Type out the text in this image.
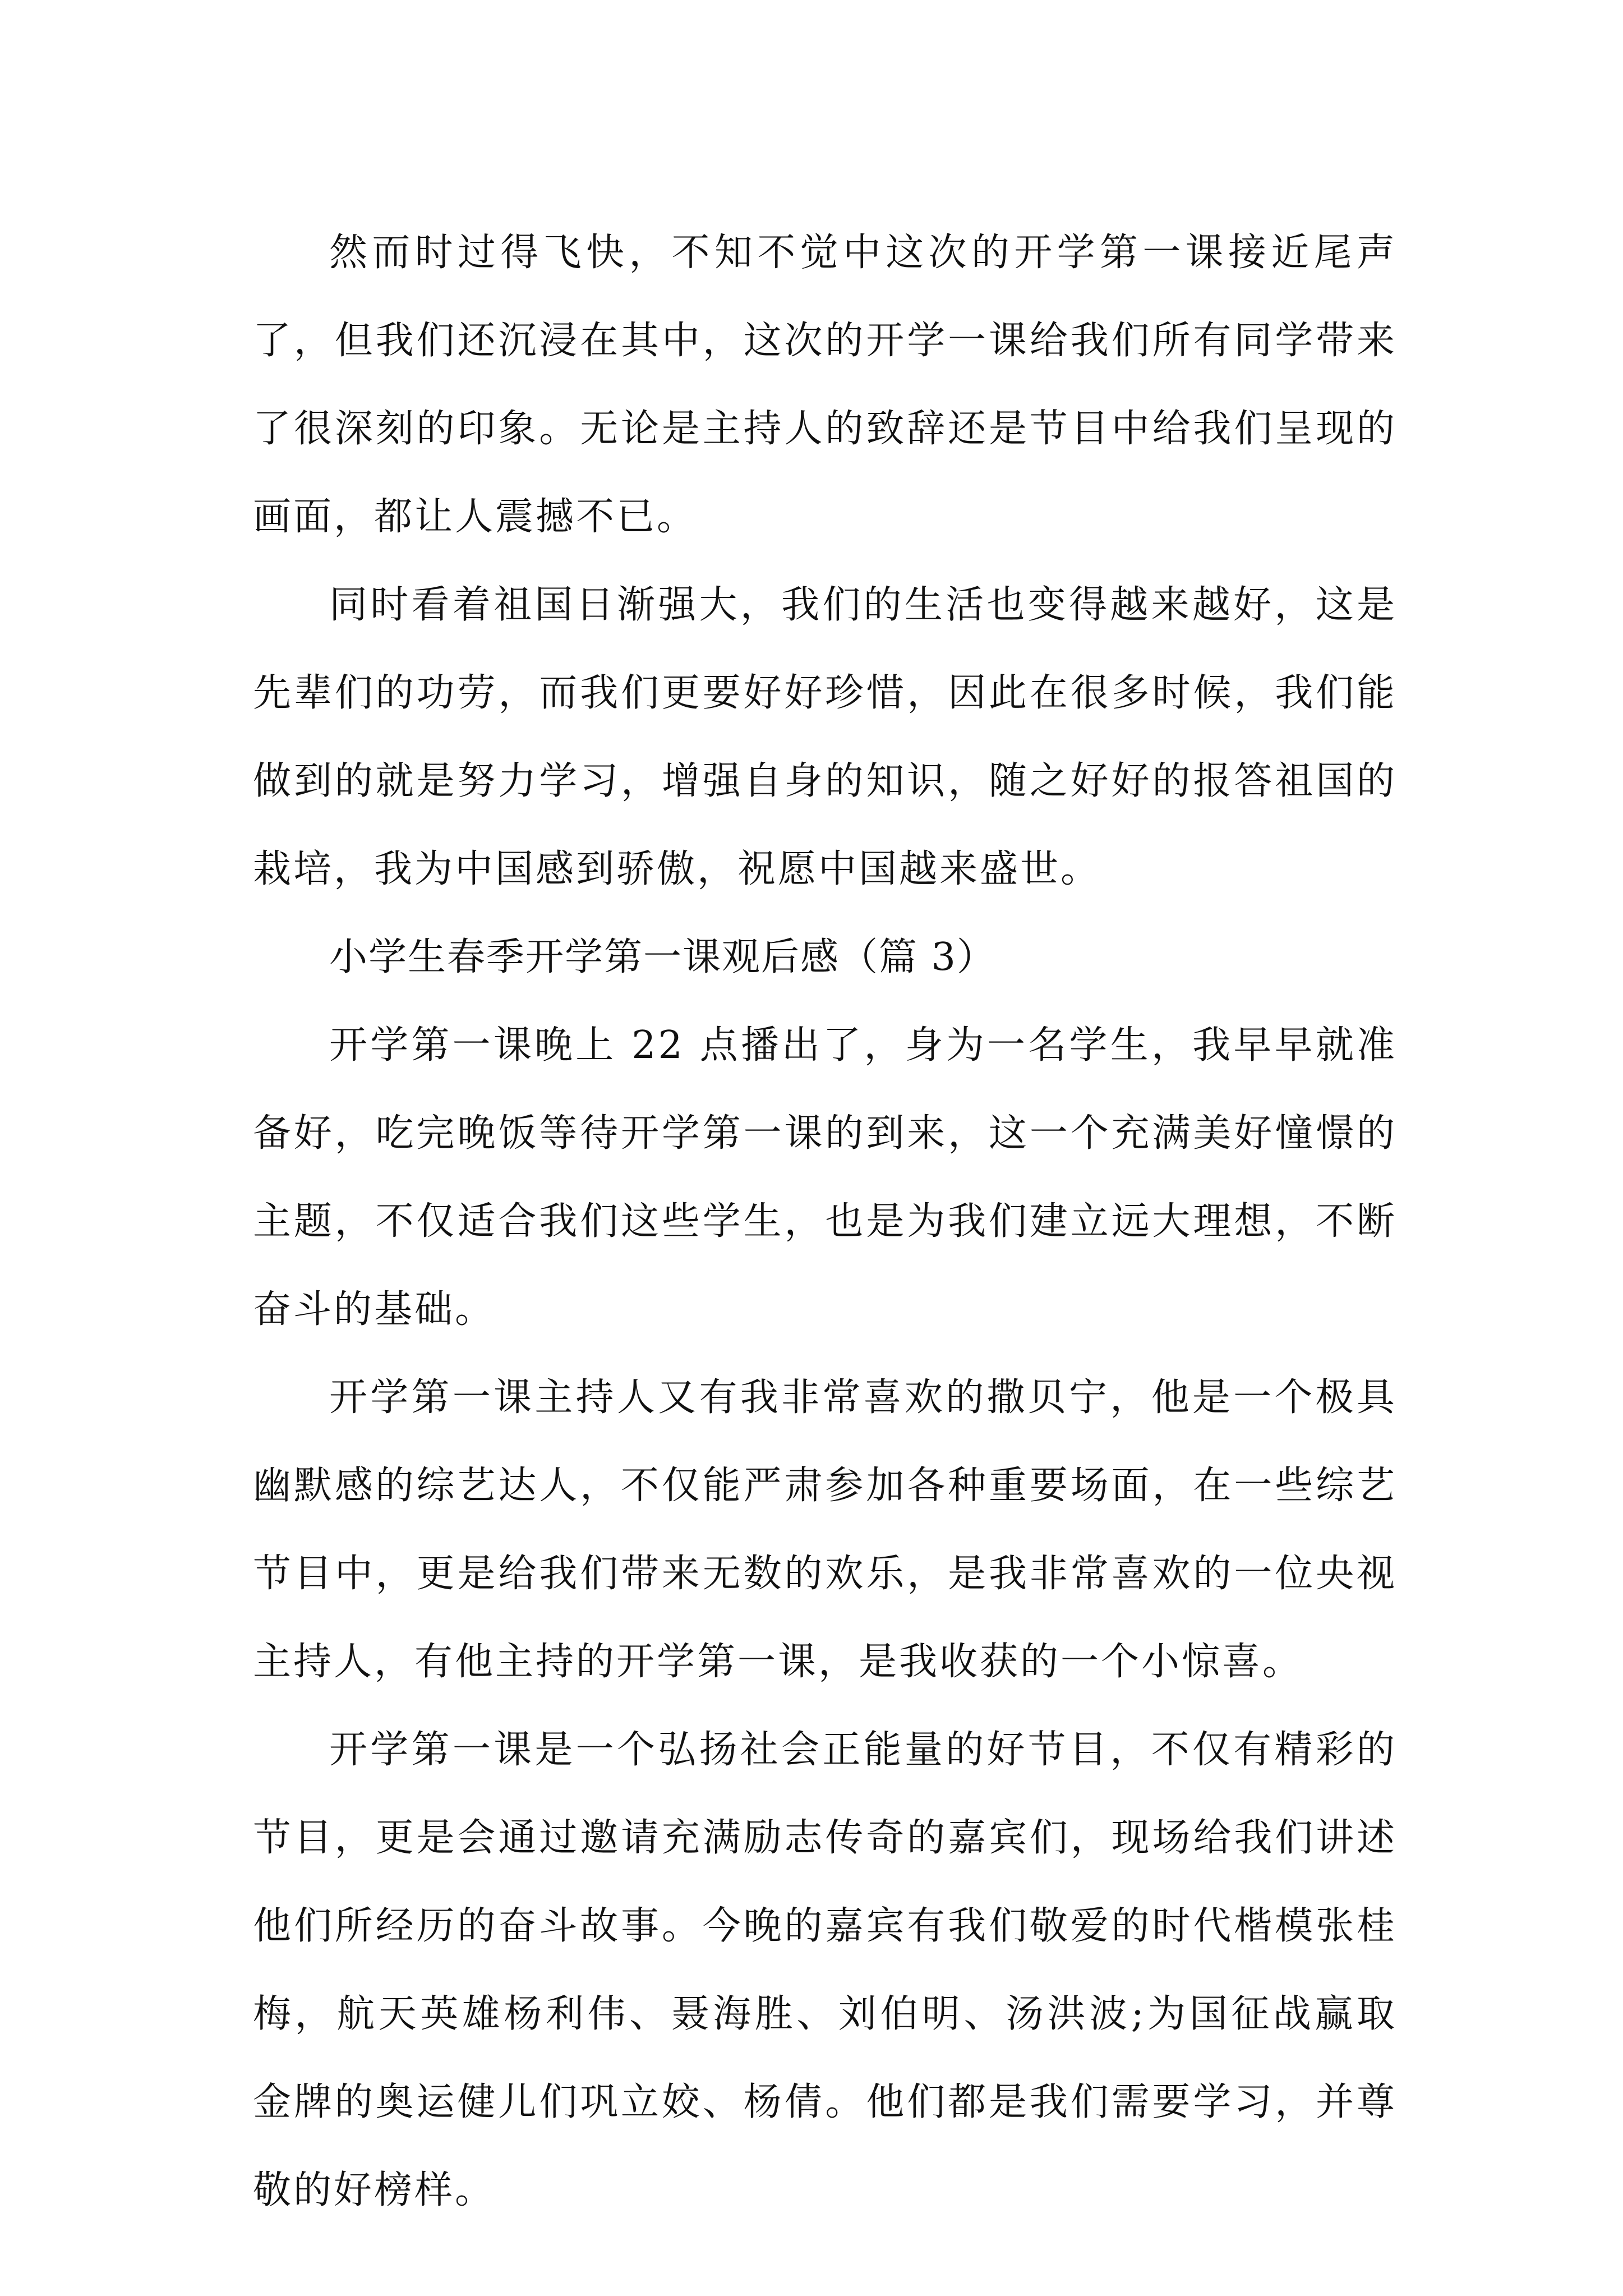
然而时过得飞快，不知不觉中这次的开学第一课接近尾声了，但我们还沉浸在其中，这次的开学一课给我们所有同学带来了很深刻的印象。无论是主持人的致辞还是节目中给我们呈现的画面，都让人震撼不已。

同时看着祖国日渐强大，我们的生活也变得越来越好，这是先辈们的功劳，而我们更要好好珍惜，因此在很多时候，我们能做到的就是努力学习，增强自身的知识，随之好好的报答祖国的栽培，我为中国感到骄傲，祝愿中国越来盛世。

小学生春季开学第一课观后感（篇 3）

开学第一课晚上 22 点播出了，身为一名学生，我早早就准备好，吃完晚饭等待开学第一课的到来，这一个充满美好憧憬的主题，不仅适合我们这些学生，也是为我们建立远大理想，不断奋斗的基础。

开学第一课主持人又有我非常喜欢的撒贝宁，他是一个极具幽默感的综艺达人，不仅能严肃参加各种重要场面，在一些综艺节目中，更是给我们带来无数的欢乐，是我非常喜欢的一位央视主持人，有他主持的开学第一课，是我收获的一个小惊喜。

开学第一课是一个弘扬社会正能量的好节目，不仅有精彩的节目，更是会通过邀请充满励志传奇的嘉宾们，现场给我们讲述他们所经历的奋斗故事。今晚的嘉宾有我们敬爱的时代楷模张桂梅，航天英雄杨利伟、聂海胜、刘伯明、汤洪波;为国征战赢取金牌的奥运健儿们巩立姣、杨倩。他们都是我们需要学习，并尊敬的好榜样。
